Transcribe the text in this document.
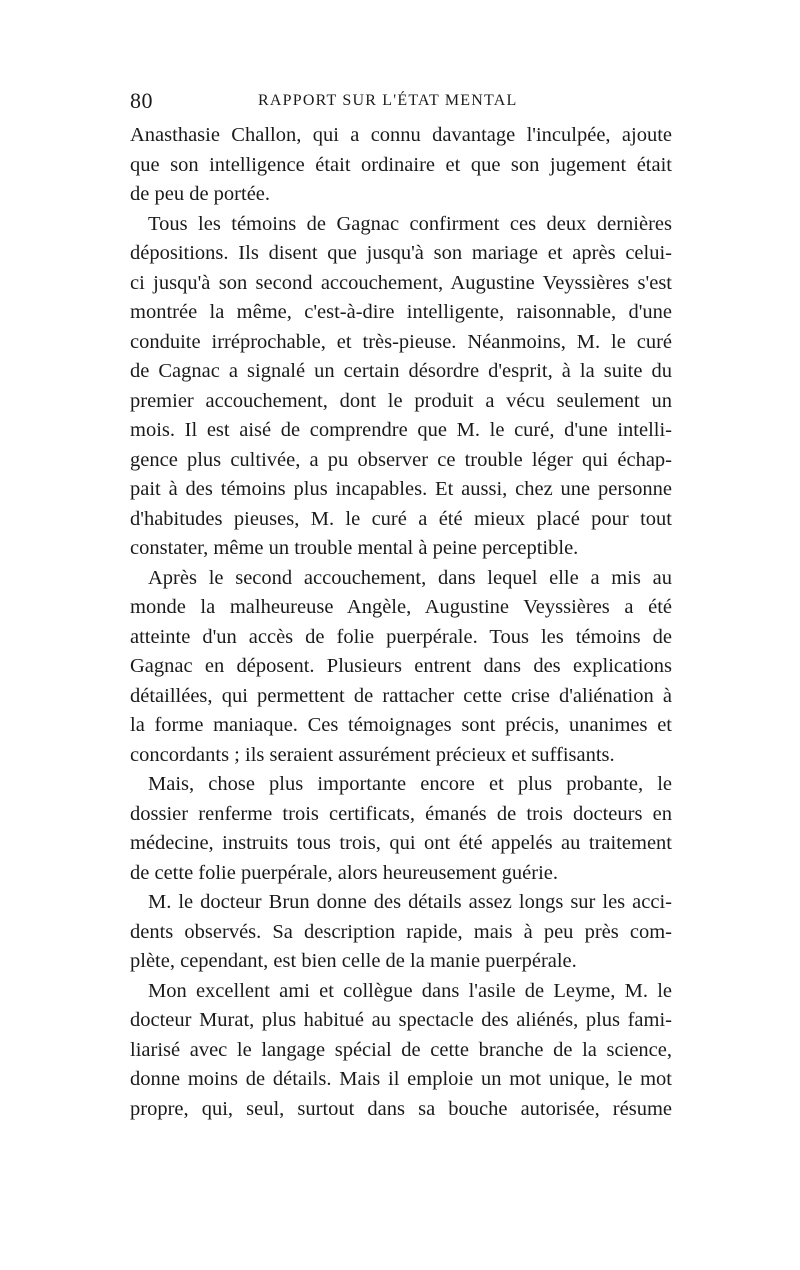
80	RAPPORT SUR L'ÉTAT MENTAL
Anasthasie Challon, qui a connu davantage l'inculpée, ajoute
que son intelligence était ordinaire et que son jugement était
de peu de portée.
Tous les témoins de Gagnac confirment ces deux dernières
dépositions. Ils disent que jusqu'à son mariage et après celui-
ci jusqu'à son second accouchement, Augustine Veyssières s'est
montrée la même, c'est-à-dire intelligente, raisonnable, d'une
conduite irréprochable, et très-pieuse. Néanmoins, M. le curé
de Cagnac a signalé un certain désordre d'esprit, à la suite du
premier accouchement, dont le produit a vécu seulement un
mois. Il est aisé de comprendre que M. le curé, d'une intelli-
gence plus cultivée, a pu observer ce trouble léger qui échap-
pait à des témoins plus incapables. Et aussi, chez une personne
d'habitudes pieuses, M. le curé a été mieux placé pour tout
constater, même un trouble mental à peine perceptible.
Après le second accouchement, dans lequel elle a mis au
monde la malheureuse Angèle, Augustine Veyssières a été
atteinte d'un accès de folie puerpérale. Tous les témoins de
Gagnac en déposent. Plusieurs entrent dans des explications
détaillées, qui permettent de rattacher cette crise d'aliénation à
la forme maniaque. Ces témoignages sont précis, unanimes et
concordants ; ils seraient assurément précieux et suffisants.
Mais, chose plus importante encore et plus probante, le
dossier renferme trois certificats, émanés de trois docteurs en
médecine, instruits tous trois, qui ont été appelés au traitement
de cette folie puerpérale, alors heureusement guérie.
M. le docteur Brun donne des détails assez longs sur les acci-
dents observés. Sa description rapide, mais à peu près com-
plète, cependant, est bien celle de la manie puerpérale.
Mon excellent ami et collègue dans l'asile de Leyme, M. le
docteur Murat, plus habitué au spectacle des aliénés, plus fami-
liarisé avec le langage spécial de cette branche de la science,
donne moins de détails. Mais il emploie un mot unique, le mot
propre, qui, seul, surtout dans sa bouche autorisée, résume
